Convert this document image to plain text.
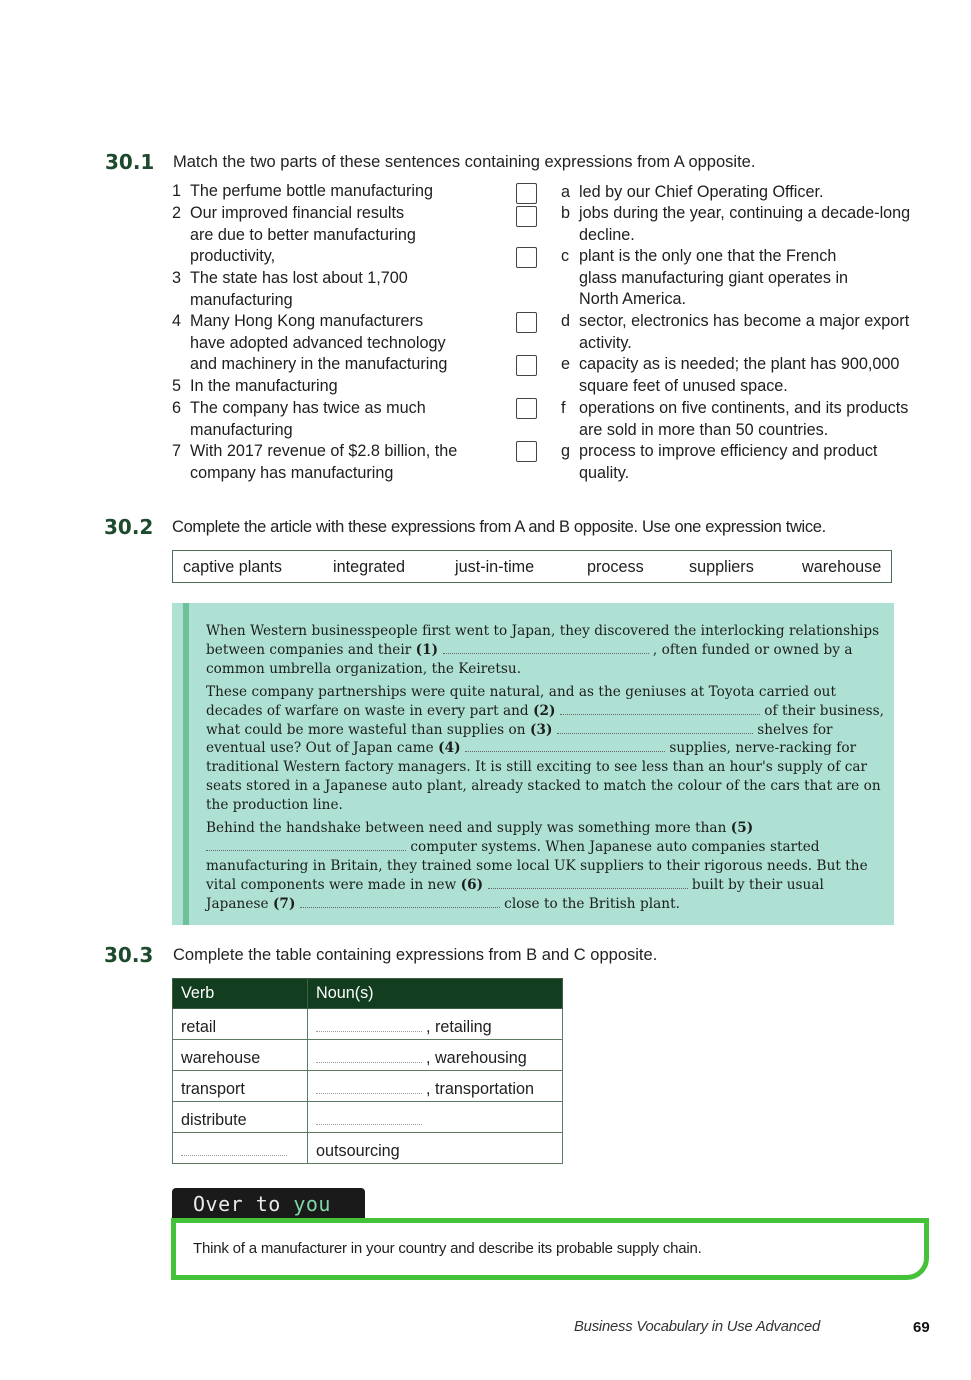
30.1 Match the two parts of these sentences containing expressions from A opposite.
1 The perfume bottle manufacturing
2 Our improved financial results
are due to better manufacturing
productivity,
3 The state has lost about 1,700
manufacturing
4 Many Hong Kong manufacturers
have adopted advanced technology
and machinery in the manufacturing
5 In the manufacturing
6 The company has twice as much
manufacturing
7 With 2017 revenue of $2.8 billion, the
company has manufacturing
a led by our Chief Operating Officer.
b jobs during the year, continuing a decade-long
decline.
c plant is the only one that the French
glass manufacturing giant operates in
North America.
d sector, electronics has become a major export
activity.
e capacity as is needed; the plant has 900,000
square feet of unused space.
f operations on five continents, and its products
are sold in more than 50 countries.
g process to improve efficiency and product
quality.
30.2 Complete the article with these expressions from A and B opposite. Use one expression twice.
captive plants	integrated	just-in-time	process	suppliers	warehouse

When Western businesspeople first went to Japan, they discovered the interlocking relationships between companies and their (1)	, often funded or owned by a common umbrella organization, the Keiretsu.

These company partnerships were quite natural, and as the geniuses at Toyota carried out decades of warfare on waste in every part and (2)	of their business, what could be more wasteful than supplies on (3)	shelves for eventual use? Out of Japan came (4)	supplies, nerve-racking for traditional Western factory managers. It is still exciting to see less than an hour's supply of car seats stored in a Japanese auto plant, already stacked to match the colour of the cars that are on the production line.

Behind the handshake between need and supply was something more than (5)  computer systems. When Japanese auto companies started manufacturing in Britain, they trained some local UK suppliers to their rigorous needs. But the vital components were made in new (6)	built by their usual Japanese (7)	close to the British plant.

30.3 Complete the table containing expressions from B and C opposite.
Verb	Noun(s)
retail	, retailing
warehouse	, warehousing
transport	, transportation
distribute	
	outsourcing
Over to you
Think of a manufacturer in your country and describe its probable supply chain.
Business Vocabulary in Use Advanced	69
